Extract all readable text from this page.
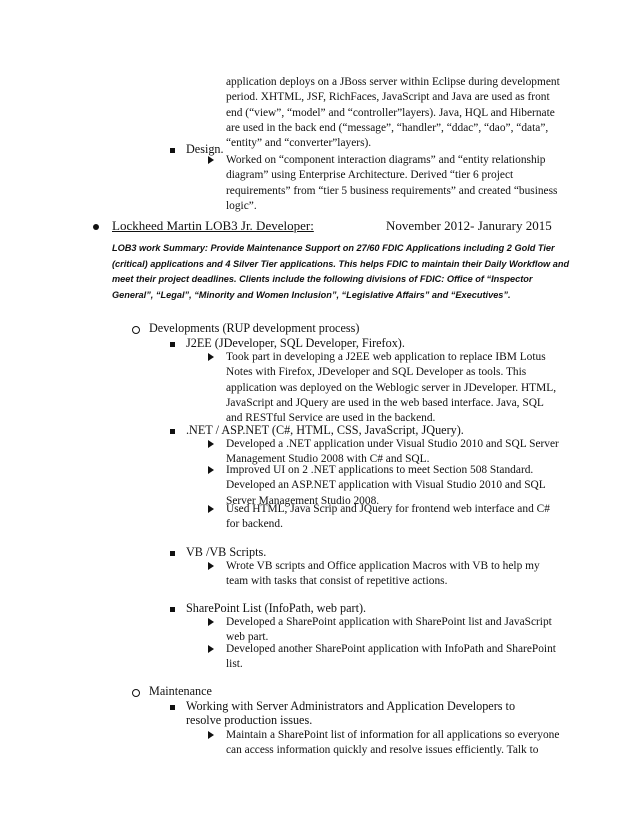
application deploys on a JBoss server within Eclipse during development

period. XHTML, JSF, RichFaces, JavaScript and Java are used as front

end (“view”, “model” and “controller”layers). Java, HQL and Hibernate

are used in the back end (“message”, “handler”, “ddac”, “dao”, “data”,

“entity” and “converter”layers).

Design.

Worked on “component interaction diagrams” and “entity relationship

diagram” using Enterprise Architecture. Derived “tier 6 project

requirements” from “tier 5 business requirements” and created “business

logic”.

Lockheed Martin LOB3 Jr. Developer:	November 2012- Janurary 2015

LOB3 work Summary: Provide Maintenance Support on 27/60 FDIC Applications including 2 Gold Tier (critical) applications and 4 Silver Tier applications. This helps FDIC to maintain their Daily Workflow and meet their project deadlines. Clients include the following divisions of FDIC: Office of “Inspector General”, “Legal”, “Minority and Women Inclusion”, “Legislative Affairs” and “Executives”.

Developments (RUP development process)

J2EE (JDeveloper, SQL Developer, Firefox).

Took part in developing a J2EE web application to replace IBM Lotus

Notes with Firefox, JDeveloper and SQL Developer as tools. This

application was deployed on the Weblogic server in JDeveloper. HTML,

JavaScript and JQuery are used in the web based interface. Java, SQL

and RESTful Service are used in the backend.

.NET / ASP.NET (C#, HTML, CSS, JavaScript, JQuery).

Developed a .NET application under Visual Studio 2010 and SQL Server

Management Studio 2008 with C# and SQL.

Improved UI on 2 .NET applications to meet Section 508 Standard.

Developed an ASP.NET application with Visual Studio 2010 and SQL

Server Management Studio 2008.

Used HTML, Java Scrip and JQuery for frontend web interface and C#

for backend.

VB /VB Scripts.

Wrote VB scripts and Office application Macros with VB to help my

team with tasks that consist of repetitive actions.

SharePoint List (InfoPath, web part).

Developed a SharePoint application with SharePoint list and JavaScript

web part.

Developed another SharePoint application with InfoPath and SharePoint

list.

Maintenance

Working with Server Administrators and Application Developers to

resolve production issues.

Maintain a SharePoint list of information for all applications so everyone

can access information quickly and resolve issues efficiently. Talk to
